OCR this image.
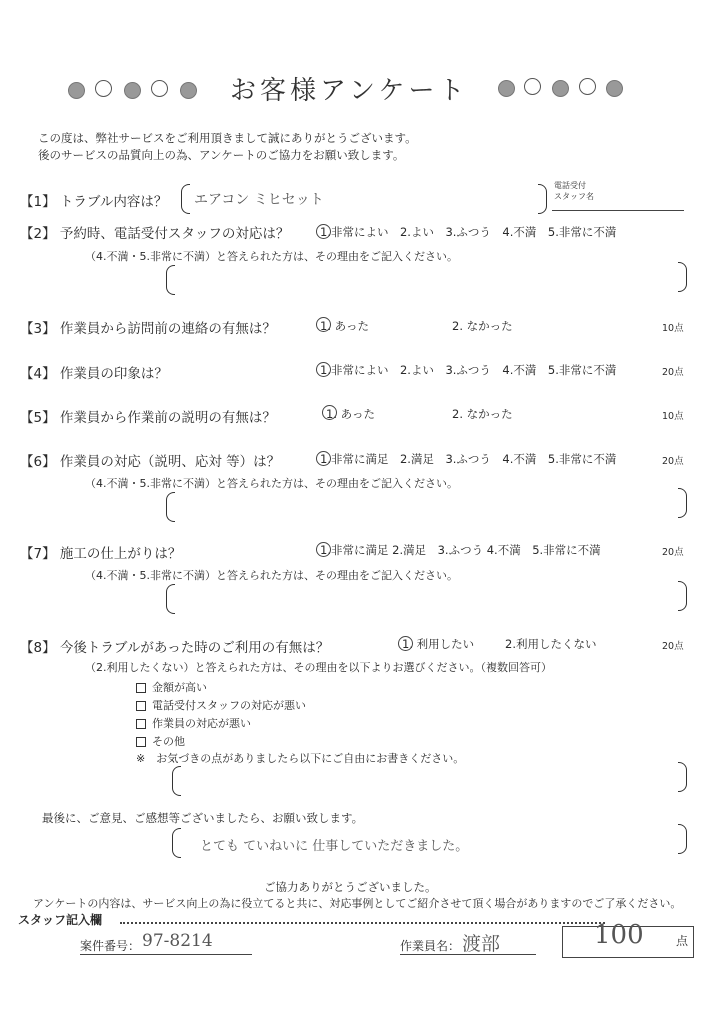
お客様アンケート
この度は、弊社サービスをご利用頂きまして誠にありがとうございます。
後のサービスの品質向上の為、アンケートのご協力をお願い致します。
【1】 トラブル内容は？ エアコン ミヒセット
電話受付
スタッフ名
【2】 予約時、電話受付スタッフの対応は？	1.非常によい　2.よい　3.ふつう　4.不満　5.非常に不満
（4.不満・5.非常に不満）と答えられた方は、その理由をご記入ください。
【3】 作業員から訪問前の連絡の有無は？	1. あった	2. なかった	10点
【4】 作業員の印象は？	1.非常によい　2.よい　3.ふつう　4.不満　5.非常に不満	20点
【5】 作業員から作業前の説明の有無は？	1. あった	2. なかった	10点
【6】 作業員の対応（説明、応対 等）は？	1.非常に満足　2.満足　3.ふつう　4.不満　5.非常に不満	20点
（4.不満・5.非常に不満）と答えられた方は、その理由をご記入ください。
【7】 施工の仕上がりは？	1.非常に満足 2.満足　3.ふつう 4.不満　5.非常に不満	20点
（4.不満・5.非常に不満）と答えられた方は、その理由をご記入ください。
【8】 今後トラブルがあった時のご利用の有無は？	1. 利用したい	2.利用したくない	20点
（2.利用したくない）と答えられた方は、その理由を以下よりお選びください。（複数回答可）
金額が高い
電話受付スタッフの対応が悪い
作業員の対応が悪い
その他
※　お気づきの点がありましたら以下にご自由にお書きください。
最後に、ご意見、ご感想等ございましたら、お願い致します。
とても ていねいに 仕事していただきました。
ご協力ありがとうございました。
アンケートの内容は、サービス向上の為に役立てると共に、対応事例としてご紹介させて頂く場合がありますのでご了承ください。
スタッフ記入欄
案件番号： 97-8214	作業員名： 渡部	100	点
